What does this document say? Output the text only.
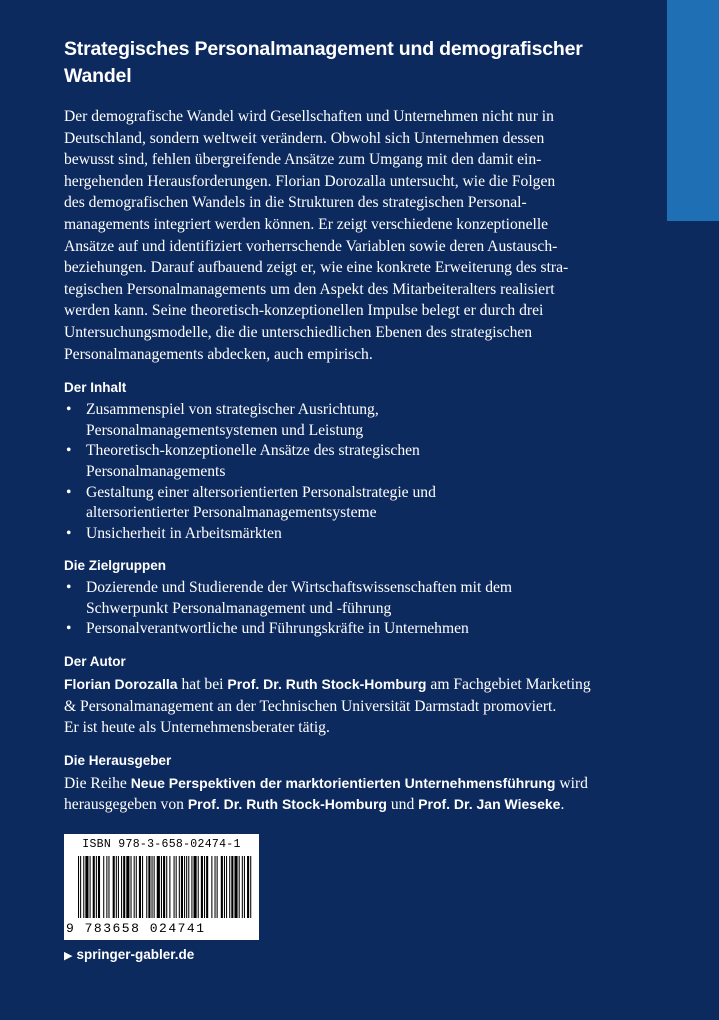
Strategisches Personalmanagement und demografischer
Wandel
Der demografische Wandel wird Gesellschaften und Unternehmen nicht nur in
Deutschland, sondern weltweit verändern. Obwohl sich Unternehmen dessen
bewusst sind, fehlen übergreifende Ansätze zum Umgang mit den damit ein-
hergehenden Herausforderungen. Florian Dorozalla untersucht, wie die Folgen
des demografischen Wandels in die Strukturen des strategischen Personal-
managements integriert werden können. Er zeigt verschiedene konzeptionelle
Ansätze auf und identifiziert vorherrschende Variablen sowie deren Austausch-
beziehungen. Darauf aufbauend zeigt er, wie eine konkrete Erweiterung des stra-
tegischen Personalmanagements um den Aspekt des Mitarbeiteralters realisiert
werden kann. Seine theoretisch-konzeptionellen Impulse belegt er durch drei
Untersuchungsmodelle, die die unterschiedlichen Ebenen des strategischen
Personalmanagements abdecken, auch empirisch.
Der Inhalt
• Zusammenspiel von strategischer Ausrichtung,
Personalmanagementsystemen und Leistung
• Theoretisch-konzeptionelle Ansätze des strategischen
Personalmanagements
• Gestaltung einer altersorientierten Personalstrategie und
altersorientierter Personalmanagementsysteme
• Unsicherheit in Arbeitsmärkten
Die Zielgruppen
• Dozierende und Studierende der Wirtschaftswissenschaften mit dem
Schwerpunkt Personalmanagement und -führung
• Personalverantwortliche und Führungskräfte in Unternehmen
Der Autor
Florian Dorozalla hat bei Prof. Dr. Ruth Stock-Homburg am Fachgebiet Marketing
& Personalmanagement an der Technischen Universität Darmstadt promoviert.
Er ist heute als Unternehmensberater tätig.
Die Herausgeber
Die Reihe Neue Perspektiven der marktorientierten Unternehmensführung wird
herausgegeben von Prof. Dr. Ruth Stock-Homburg und Prof. Dr. Jan Wieseke.
ISBN 978-3-658-02474-1
9 783658 024741
▶ springer-gabler.de
